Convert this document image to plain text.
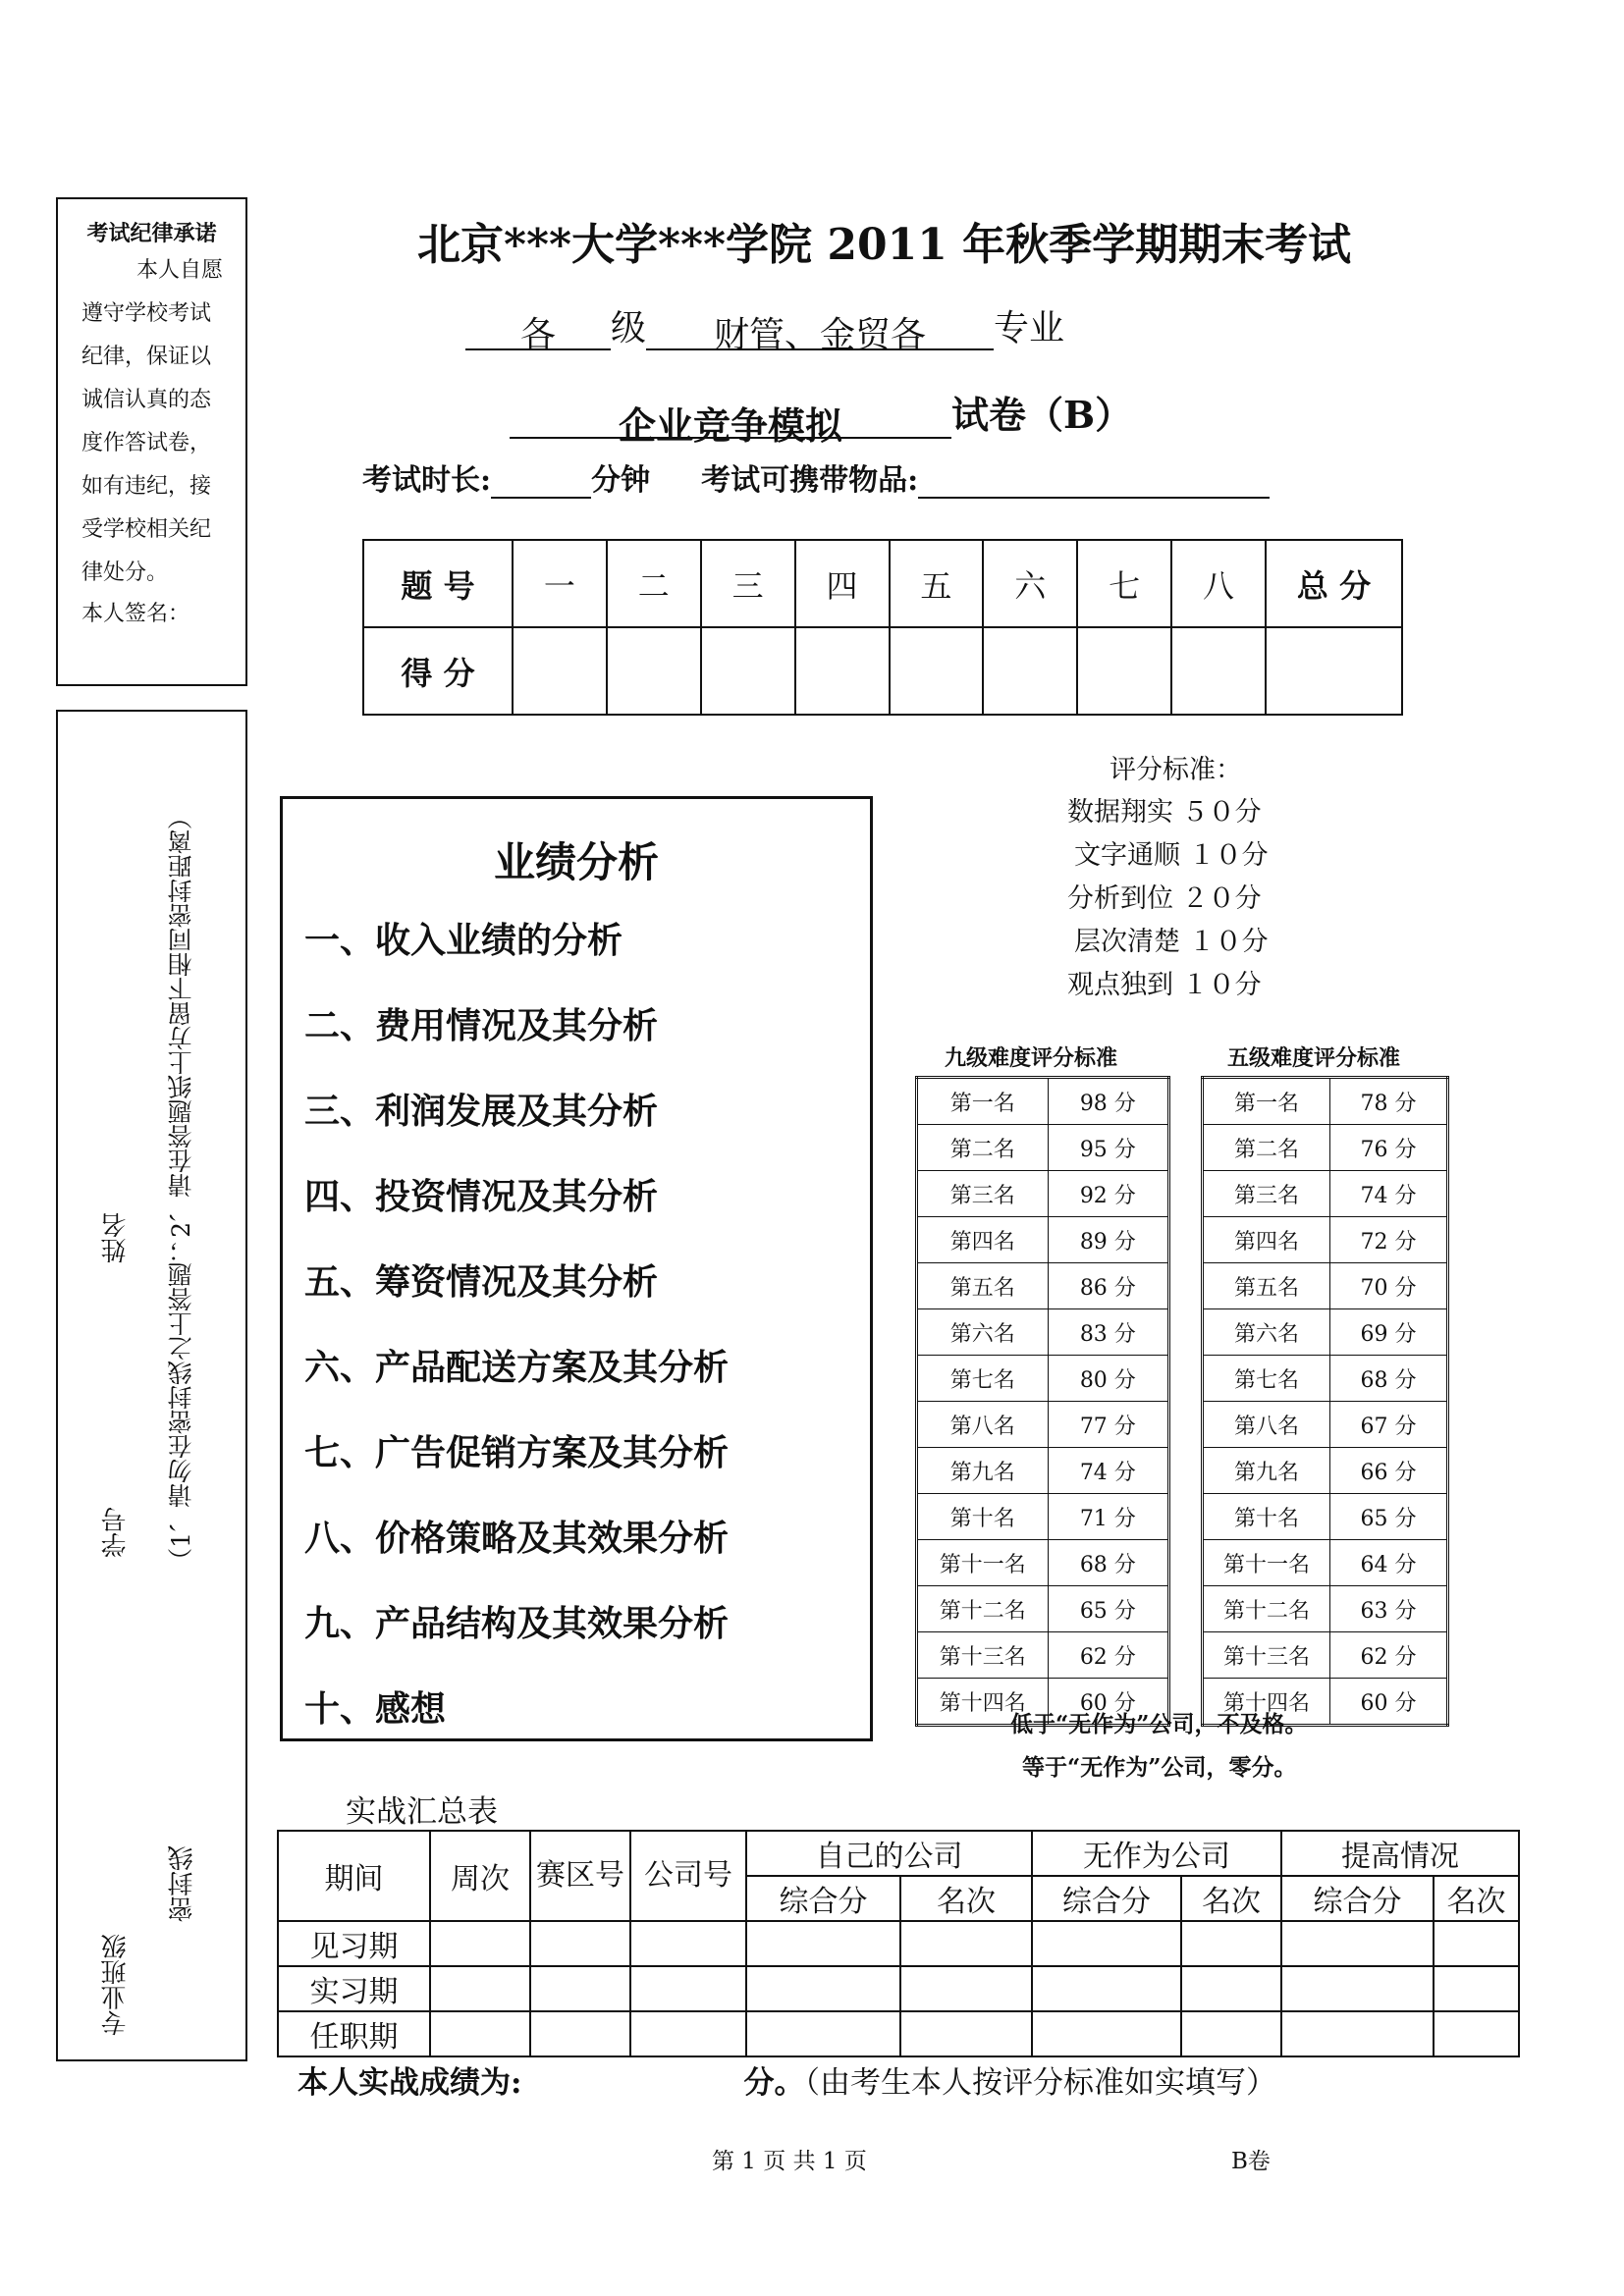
考试纪律承诺
本人自愿
遵守学校考试
纪律，保证以
诚信认真的态
度作答试卷，
如有违纪，接
受学校相关纪
律处分。
本人签名：
（1、请勿在密封线之上答题；2、请在答题纸上方留下相同密封距离）
姓名
学号
密封线
专业班级
北京***大学***学院 2011 年秋季学期期末考试
各 级 财管、金贸各 专业
企业竞争模拟	试卷（B）
考试时长:	分钟 考试可携带物品:
题 号	一	二	三	四	五	六	七	八	总 分
得 分									
业绩分析
一、收入业绩的分析
二、费用情况及其分析
三、利润发展及其分析
四、投资情况及其分析
五、筹资情况及其分析
六、产品配送方案及其分析
七、广告促销方案及其分析
八、价格策略及其效果分析
九、产品结构及其效果分析
十、感想
评分标准：
数据翔实 ５０分
文字通顺 １０分
分析到位 ２０分
层次清楚 １０分
观点独到 １０分
九级难度评分标准	五级难度评分标准
第一名	98 分
第二名	95 分
第三名	92 分
第四名	89 分
第五名	86 分
第六名	83 分
第七名	80 分
第八名	77 分
第九名	74 分
第十名	71 分
第十一名	68 分
第十二名	65 分
第十三名	62 分
第十四名	60 分
第一名	78 分
第二名	76 分
第三名	74 分
第四名	72 分
第五名	70 分
第六名	69 分
第七名	68 分
第八名	67 分
第九名	66 分
第十名	65 分
第十一名	64 分
第十二名	63 分
第十三名	62 分
第十四名	60 分
低于“无作为”公司，不及格。
等于“无作为”公司，零分。
实战汇总表
期间	周次	赛区号	公司号	自己的公司		无作为公司		提高情况	
				综合分	名次	综合分	名次	综合分	名次
见习期									
实习期									
任职期									
本人实战成绩为:	分。（由考生本人按评分标准如实填写）
第 1 页 共 1 页	B卷
